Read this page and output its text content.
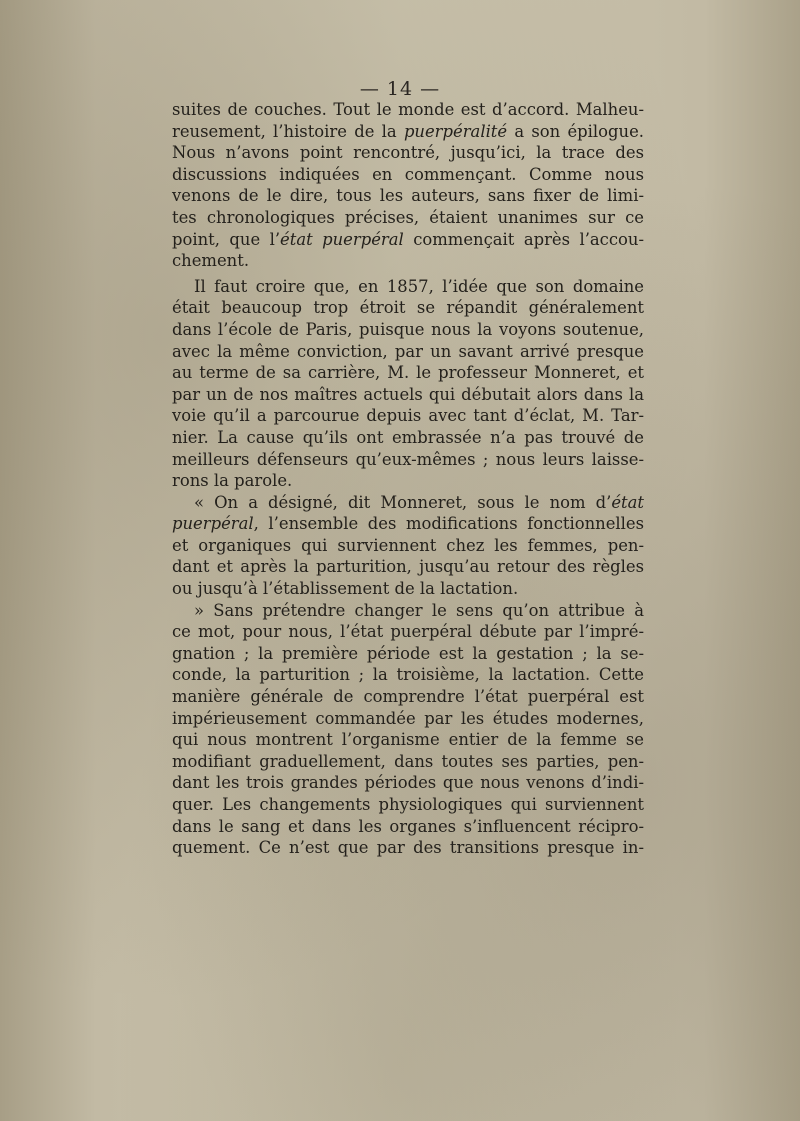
— 14 —
suites de couches. Tout le monde est d’accord. Malheu-
reusement, l’histoire de la puerpéralité a son épilogue.
Nous n’avons point rencontré, jusqu’ici, la trace des
discussions indiquées en commençant. Comme nous
venons de le dire, tous les auteurs, sans fixer de limi-
tes chronologiques précises, étaient unanimes sur ce
point, que l’état puerpéral commençait après l’accou-
chement.
Il faut croire que, en 1857, l’idée que son domaine
était beaucoup trop étroit se répandit généralement
dans l’école de Paris, puisque nous la voyons soutenue,
avec la même conviction, par un savant arrivé presque
au terme de sa carrière, M. le professeur Monneret, et
par un de nos maîtres actuels qui débutait alors dans la
voie qu’il a parcourue depuis avec tant d’éclat, M. Tar-
nier. La cause qu’ils ont embrassée n’a pas trouvé de
meilleurs défenseurs qu’eux-mêmes ; nous leurs laisse-
rons la parole.
« On a désigné, dit Monneret, sous le nom d’état
puerpéral, l’ensemble des modifications fonctionnelles
et organiques qui surviennent chez les femmes, pen-
dant et après la parturition, jusqu’au retour des règles
ou jusqu’à l’établissement de la lactation.
» Sans prétendre changer le sens qu’on attribue à
ce mot, pour nous, l’état puerpéral débute par l’impré-
gnation ; la première période est la gestation ; la se-
conde, la parturition ; la troisième, la lactation. Cette
manière générale de comprendre l’état puerpéral est
impérieusement commandée par les études modernes,
qui nous montrent l’organisme entier de la femme se
modifiant graduellement, dans toutes ses parties, pen-
dant les trois grandes périodes que nous venons d’indi-
quer. Les changements physiologiques qui surviennent
dans le sang et dans les organes s’influencent récipro-
quement. Ce n’est que par des transitions presque in-
